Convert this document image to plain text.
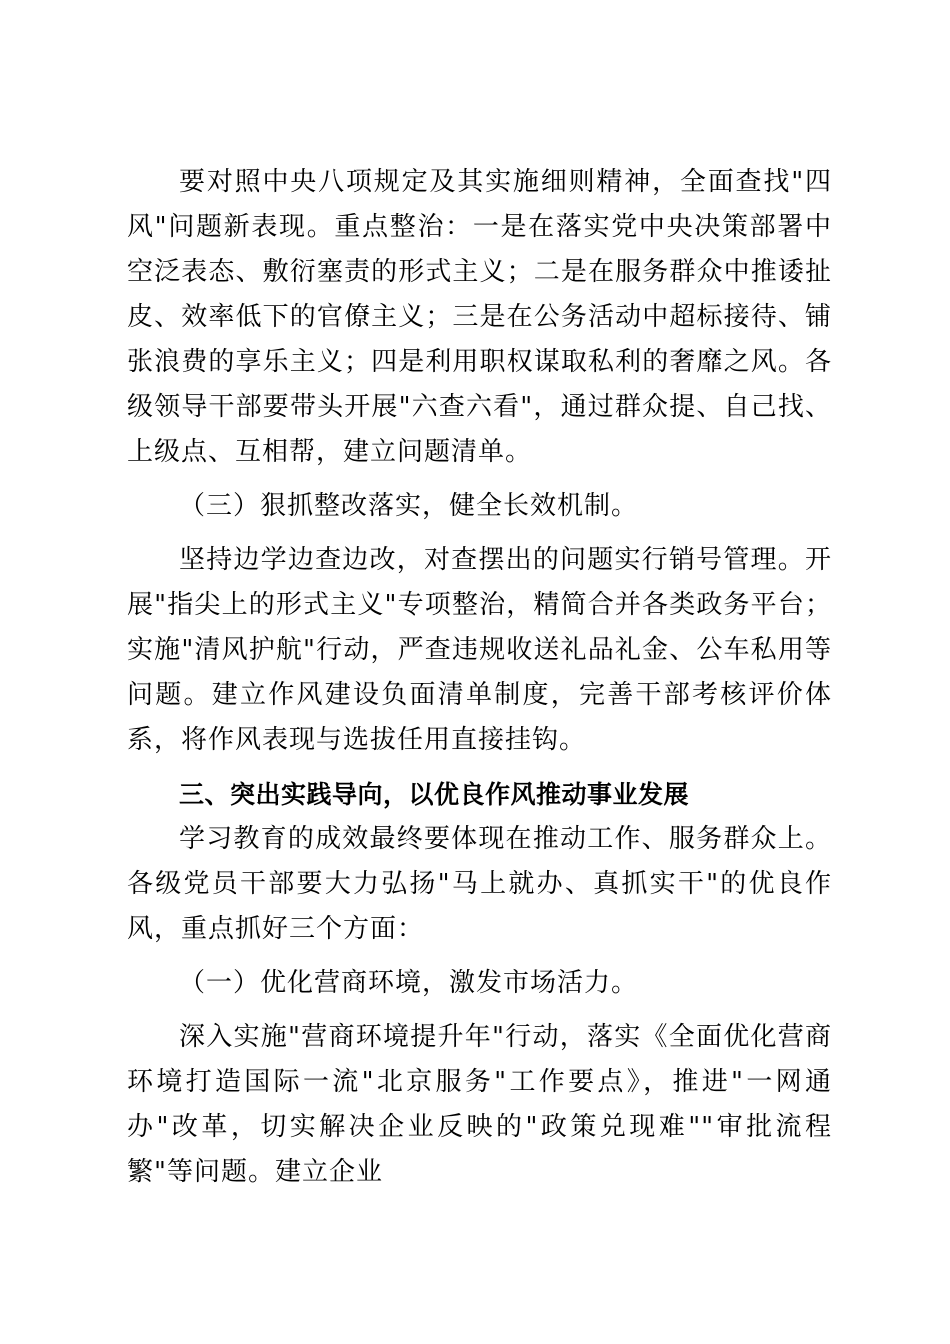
要对照中央八项规定及其实施细则精神，全面查找"四风"问题新表现。重点整治：一是在落实党中央决策部署中空泛表态、敷衍塞责的形式主义；二是在服务群众中推诿扯皮、效率低下的官僚主义；三是在公务活动中超标接待、铺张浪费的享乐主义；四是利用职权谋取私利的奢靡之风。各级领导干部要带头开展"六查六看"，通过群众提、自己找、上级点、互相帮，建立问题清单。

（三）狠抓整改落实，健全长效机制。

坚持边学边查边改，对查摆出的问题实行销号管理。开展"指尖上的形式主义"专项整治，精简合并各类政务平台；实施"清风护航"行动，严查违规收送礼品礼金、公车私用等问题。建立作风建设负面清单制度，完善干部考核评价体系，将作风表现与选拔任用直接挂钩。

三、突出实践导向，以优良作风推动事业发展

学习教育的成效最终要体现在推动工作、服务群众上。各级党员干部要大力弘扬"马上就办、真抓实干"的优良作风，重点抓好三个方面：

（一）优化营商环境，激发市场活力。

深入实施"营商环境提升年"行动，落实《全面优化营商环境打造国际一流"北京服务"工作要点》，推进"一网通办"改革，切实解决企业反映的"政策兑现难""审批流程繁"等问题。建立企业
